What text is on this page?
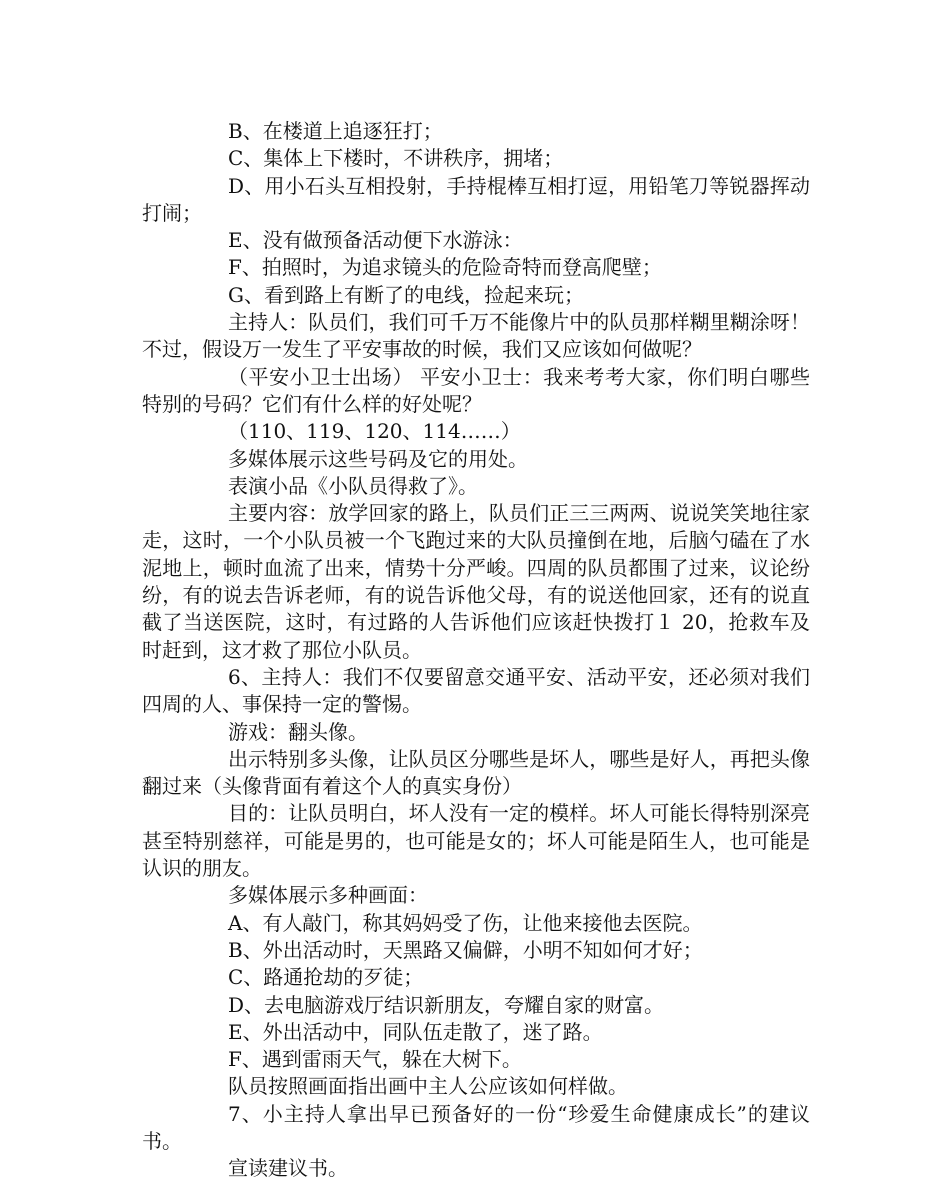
B、在楼道上追逐狂打；

C、集体上下楼时，不讲秩序，拥堵；

D、用小石头互相投射，手持棍棒互相打逗，用铅笔刀等锐器挥动打闹；

E、没有做预备活动便下水游泳：

F、拍照时，为追求镜头的危险奇特而登高爬壁；

G、看到路上有断了的电线，捡起来玩；

主持人：队员们，我们可千万不能像片中的队员那样糊里糊涂呀！不过，假设万一发生了平安事故的时候，我们又应该如何做呢？

（平安小卫士出场） 平安小卫士：我来考考大家，你们明白哪些特别的号码？它们有什么样的好处呢？

（110、119、120、114……）

多媒体展示这些号码及它的用处。

表演小品《小队员得救了》。

主要内容：放学回家的路上，队员们正三三两两、说说笑笑地往家走，这时，一个小队员被一个飞跑过来的大队员撞倒在地，后脑勺磕在了水泥地上，顿时血流了出来，情势十分严峻。四周的队员都围了过来，议论纷纷，有的说去告诉老师，有的说告诉他父母，有的说送他回家，还有的说直截了当送医院，这时，有过路的人告诉他们应该赶快拨打１ 20，抢救车及时赶到，这才救了那位小队员。

6、主持人：我们不仅要留意交通平安、活动平安，还必须对我们四周的人、事保持一定的警惕。

游戏：翻头像。

出示特别多头像，让队员区分哪些是坏人，哪些是好人，再把头像翻过来（头像背面有着这个人的真实身份）

目的：让队员明白，坏人没有一定的模样。坏人可能长得特别深亮甚至特别慈祥，可能是男的，也可能是女的；坏人可能是陌生人，也可能是认识的朋友。

多媒体展示多种画面：

A、有人敲门，称其妈妈受了伤，让他来接他去医院。

B、外出活动时，天黑路又偏僻，小明不知如何才好；

C、路通抢劫的歹徒；

D、去电脑游戏厅结识新朋友，夸耀自家的财富。

E、外出活动中，同队伍走散了，迷了路。

F、遇到雷雨天气，躲在大树下。

队员按照画面指出画中主人公应该如何样做。

7、小主持人拿出早已预备好的一份“珍爱生命健康成长”的建议书。

宣读建议书。
